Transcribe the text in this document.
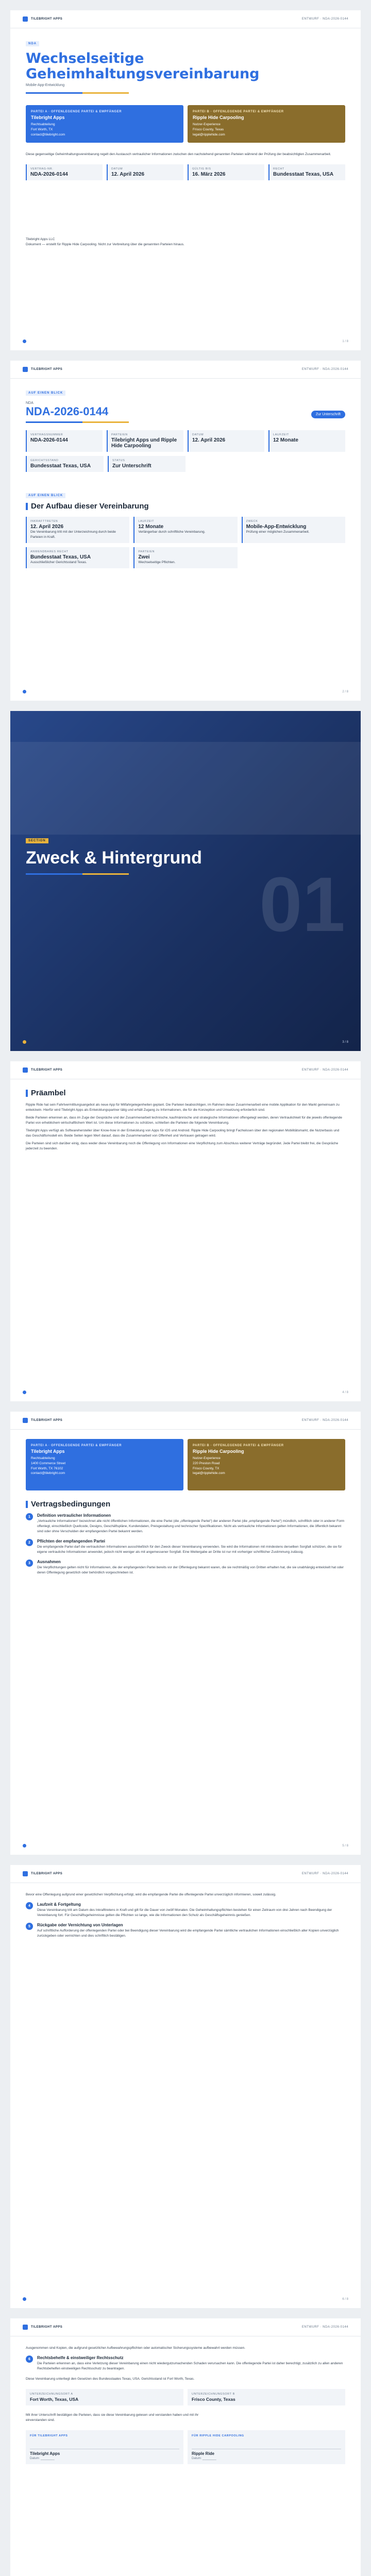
TILEBRIGHT APPS	ENTWURF · NDA-2026-0144
NDA
Wechselseitige Geheimhaltungsvereinbarung
Mobile-App-Entwicklung
PARTEI A · OFFENLEGENDE PARTEI & EMPFÄNGER
Tilebright Apps
Rechtsabteilung
Fort Worth, TX
contact@tilebright.com
PARTEI B · OFFENLEGENDE PARTEI & EMPFÄNGER
Ripple Hide Carpooling
Nutzer-Experience
Frisco County, Texas
legal@ripplehide.com
Diese gegenseitige Geheimhaltungsvereinbarung regelt den Austausch vertraulicher Informationen zwischen den nachstehend genannten Parteien während der Prüfung der beabsichtigten Zusammenarbeit.
VERTRAG-NR.
NDA-2026-0144
DATUM
12. April 2026
GÜLTIG BIS
16. März 2026
RECHT
Bundesstaat Texas, USA
Tilebright Apps LLC
Dokument — erstellt für Ripple Hide Carpooling. Nicht zur Verbreitung über die genannten Parteien hinaus.
1 / 8
TILEBRIGHT APPS	ENTWURF · NDA-2026-0144
AUF EINEN BLICK
NDA
NDA-2026-0144	Zur Unterschrift
VERTRAGSNUMMER
NDA-2026-0144
PARTEIEN
Tilebright Apps und Ripple Hide Carpooling
DATUM
12. April 2026
LAUFZEIT
12 Monate
GERICHTSSTAND
Bundesstaat Texas, USA
STATUS
Zur Unterschrift
AUF EINEN BLICK
Der Aufbau dieser Vereinbarung
INKRAFTTRETEN
12. April 2026
Die Vereinbarung tritt mit der Unterzeichnung durch beide Parteien in Kraft.
LAUFZEIT
12 Monate
Verlängerbar durch schriftliche Vereinbarung.
ZWECK
Mobile-App-Entwicklung
Prüfung einer möglichen Zusammenarbeit.
ANWENDBARES RECHT
Bundesstaat Texas, USA
Ausschließlicher Gerichtsstand Texas.
PARTEIEN
Zwei
Wechselseitige Pflichten.
2 / 8
01
SECTION
Zweck & Hintergrund
3 / 8
TILEBRIGHT APPS	ENTWURF · NDA-2026-0144
Präambel

Ripple Ride hat sein Fahrtvermittlungsangebot als neue App für Mitfahrgelegenheiten geplant. Die Parteien beabsichtigen, im Rahmen dieser Zusammenarbeit eine mobile Applikation für den Markt gemeinsam zu entwickeln. Hierfür wird Tilebright Apps als Entwicklungspartner tätig und erhält Zugang zu Informationen, die für die Konzeption und Umsetzung erforderlich sind.

Beide Parteien erkennen an, dass im Zuge der Gespräche und der Zusammenarbeit technische, kaufmännische und strategische Informationen offengelegt werden, deren Vertraulichkeit für die jeweils offenlegende Partei von erheblichem wirtschaftlichem Wert ist. Um diese Informationen zu schützen, schließen die Parteien die folgende Vereinbarung.

Tilebright Apps verfügt als Softwarehersteller über Know-how in der Entwicklung von Apps für iOS und Android. Ripple Hide Carpooling bringt Fachwissen über den regionalen Mobilitätsmarkt, die Nutzerbasis und das Geschäftsmodell ein. Beide Seiten legen Wert darauf, dass die Zusammenarbeit von Offenheit und Vertrauen getragen wird.

Die Parteien sind sich darüber einig, dass weder diese Vereinbarung noch die Offenlegung von Informationen eine Verpflichtung zum Abschluss weiterer Verträge begründet. Jede Partei bleibt frei, die Gespräche jederzeit zu beenden.

4 / 8
TILEBRIGHT APPS	ENTWURF · NDA-2026-0144
PARTEI A · OFFENLEGENDE PARTEI & EMPFÄNGER
Tilebright Apps
Rechtsabteilung
1400 Commerce Street
Fort Worth, TX 76102
contact@tilebright.com
PARTEI B · OFFENLEGENDE PARTEI & EMPFÄNGER
Ripple Hide Carpooling
Nutzer-Experience
220 Preston Road
Frisco County, TX
legal@ripplehide.com
Vertragsbedingungen
1	Definition vertraulicher Informationen
„Vertrauliche Informationen“ bezeichnet alle nicht öffentlichen Informationen, die eine Partei (die „offenlegende Partei“) der anderen Partei (die „empfangende Partei“) mündlich, schriftlich oder in anderer Form offenlegt, einschließlich Quellcode, Designs, Geschäftspläne, Kundendaten, Preisgestaltung und technischer Spezifikationen. Nicht als vertrauliche Informationen gelten Informationen, die öffentlich bekannt sind oder ohne Verschulden der empfangenden Partei bekannt werden.
2	Pflichten der empfangenden Partei
Die empfangende Partei darf die vertraulichen Informationen ausschließlich für den Zweck dieser Vereinbarung verwenden. Sie wird die Informationen mit mindestens derselben Sorgfalt schützen, die sie für eigene vertrauliche Informationen anwendet, jedoch nicht weniger als mit angemessener Sorgfalt. Eine Weitergabe an Dritte ist nur mit vorheriger schriftlicher Zustimmung zulässig.
3	Ausnahmen
Die Verpflichtungen gelten nicht für Informationen, die der empfangenden Partei bereits vor der Offenlegung bekannt waren, die sie rechtmäßig von Dritten erhalten hat, die sie unabhängig entwickelt hat oder deren Offenlegung gesetzlich oder behördlich vorgeschrieben ist.
5 / 8
TILEBRIGHT APPS	ENTWURF · NDA-2026-0144
Bevor eine Offenlegung aufgrund einer gesetzlichen Verpflichtung erfolgt, wird die empfangende Partei die offenlegende Partei unverzüglich informieren, soweit zulässig.
4	Laufzeit & Fortgeltung
Diese Vereinbarung tritt am Datum des Inkrafttretens in Kraft und gilt für die Dauer von zwölf Monaten. Die Geheimhaltungspflichten bestehen für einen Zeitraum von drei Jahren nach Beendigung der Vereinbarung fort. Für Geschäftsgeheimnisse gelten die Pflichten so lange, wie die Informationen den Schutz als Geschäftsgeheimnis genießen.
5	Rückgabe oder Vernichtung von Unterlagen
Auf schriftliche Aufforderung der offenlegenden Partei oder bei Beendigung dieser Vereinbarung wird die empfangende Partei sämtliche vertraulichen Informationen einschließlich aller Kopien unverzüglich zurückgeben oder vernichten und dies schriftlich bestätigen.
6 / 8
TILEBRIGHT APPS	ENTWURF · NDA-2026-0144
Ausgenommen sind Kopien, die aufgrund gesetzlicher Aufbewahrungspflichten oder automatischer Sicherungssysteme aufbewahrt werden müssen.
6	Rechtsbehelfe & einstweiliger Rechtsschutz
Die Parteien erkennen an, dass eine Verletzung dieser Vereinbarung einen nicht wiedergutzumachenden Schaden verursachen kann. Die offenlegende Partei ist daher berechtigt, zusätzlich zu allen anderen Rechtsbehelfen einstweiligen Rechtsschutz zu beantragen.
Diese Vereinbarung unterliegt den Gesetzen des Bundesstaates Texas, USA. Gerichtsstand ist Fort Worth, Texas.
UNTERZEICHNUNGSORT A
Fort Worth, Texas, USA
UNTERZEICHNUNGSORT B
Frisco County, Texas
Mit ihrer Unterschrift bestätigen die Parteien, dass sie diese Vereinbarung gelesen und verstanden haben und mit ihr einverstanden sind.
FÜR TILEBRIGHT APPS
Tilebright Apps
Datum: ________
FÜR RIPPLE HIDE CARPOOLING
Ripple Ride
Datum: ________
